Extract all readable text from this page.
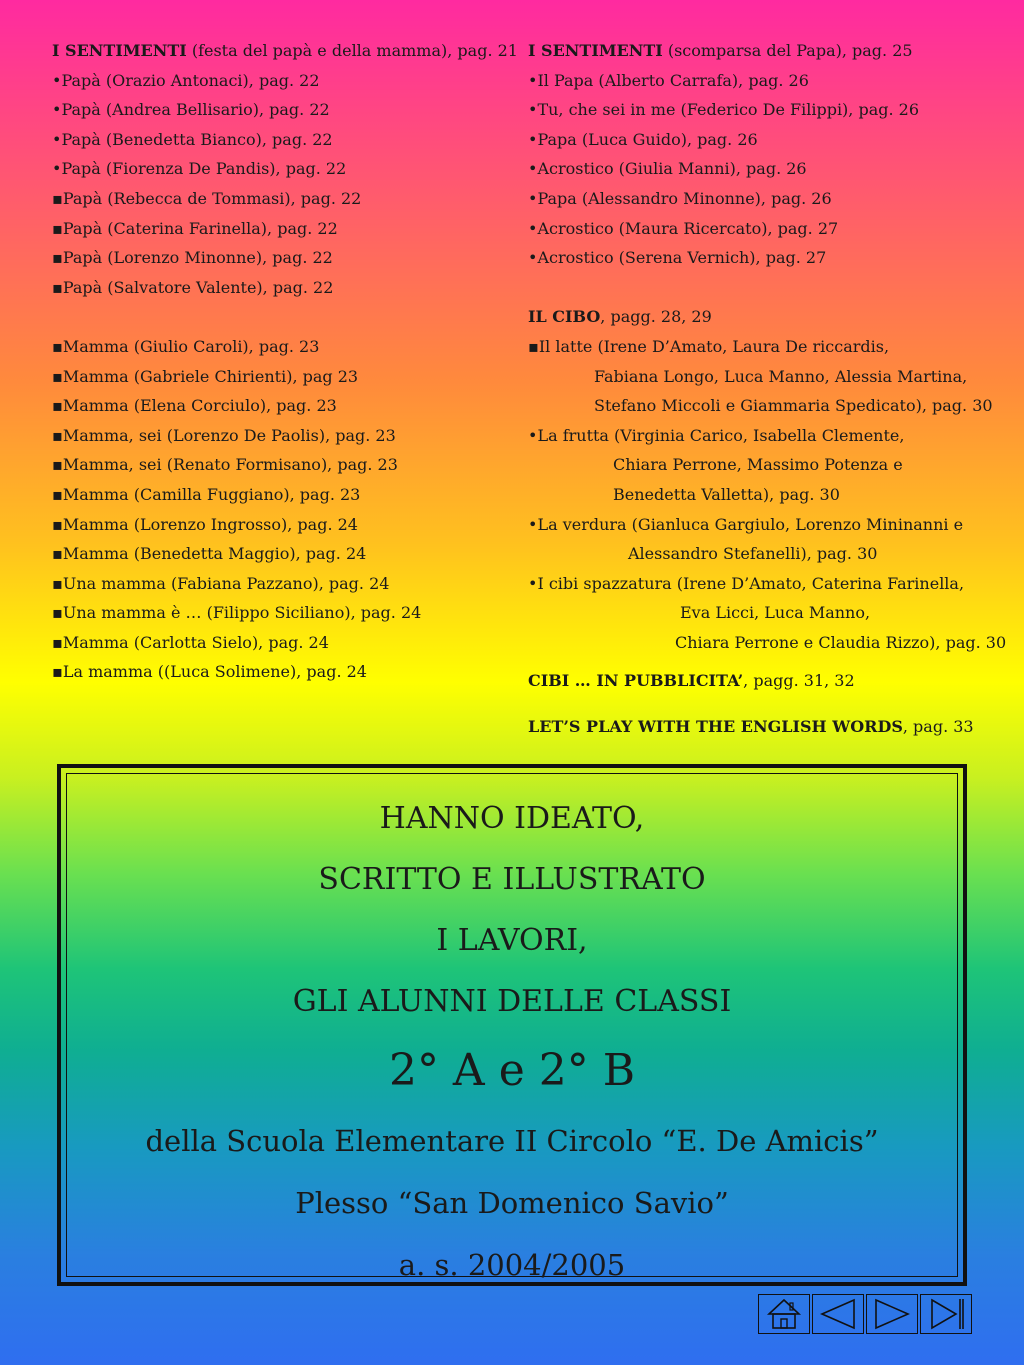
I SENTIMENTI (festa del papà e della mamma), pag. 21
•Papà (Orazio Antonaci), pag. 22
•Papà (Andrea Bellisario), pag. 22
•Papà (Benedetta Bianco), pag. 22
•Papà (Fiorenza De Pandis), pag. 22
▪Papà (Rebecca de Tommasi), pag. 22
▪Papà (Caterina Farinella), pag. 22
▪Papà (Lorenzo Minonne), pag. 22
▪Papà (Salvatore Valente), pag. 22
▪Mamma (Giulio Caroli), pag. 23
▪Mamma (Gabriele Chirienti), pag 23
▪Mamma (Elena Corciulo), pag. 23
▪Mamma, sei (Lorenzo De Paolis), pag. 23
▪Mamma, sei (Renato Formisano), pag. 23
▪Mamma (Camilla Fuggiano), pag. 23
▪Mamma (Lorenzo Ingrosso), pag. 24
▪Mamma (Benedetta Maggio), pag. 24
▪Una mamma (Fabiana Pazzano), pag. 24
▪Una mamma è … (Filippo Siciliano), pag. 24
▪Mamma (Carlotta Sielo), pag. 24
▪La mamma ((Luca Solimene), pag. 24
I SENTIMENTI (scomparsa del Papa), pag. 25
•Il Papa (Alberto Carrafa), pag. 26
•Tu, che sei in me (Federico De Filippi), pag. 26
•Papa (Luca Guido), pag. 26
•Acrostico (Giulia Manni), pag. 26
•Papa (Alessandro Minonne), pag. 26
•Acrostico (Maura Ricercato), pag. 27
•Acrostico (Serena Vernich), pag. 27
IL CIBO, pagg. 28, 29
▪Il latte (Irene D’Amato, Laura De riccardis,
Fabiana Longo, Luca Manno, Alessia Martina,
Stefano Miccoli e Giammaria Spedicato), pag. 30
•La frutta (Virginia Carico, Isabella Clemente,
Chiara Perrone, Massimo Potenza e
Benedetta Valletta), pag. 30
•La verdura (Gianluca Gargiulo, Lorenzo Mininanni e
Alessandro Stefanelli), pag. 30
•I cibi spazzatura (Irene D’Amato, Caterina Farinella,
Eva Licci, Luca Manno,
Chiara Perrone e Claudia Rizzo), pag. 30
CIBI … IN PUBBLICITA’, pagg. 31, 32
LET’S PLAY WITH THE ENGLISH WORDS, pag. 33
HANNO IDEATO,
SCRITTO E ILLUSTRATO
I LAVORI,
GLI ALUNNI DELLE CLASSI
2° A e 2° B
della Scuola Elementare II Circolo “E. De Amicis”
Plesso “San Domenico Savio”
a. s. 2004/2005
